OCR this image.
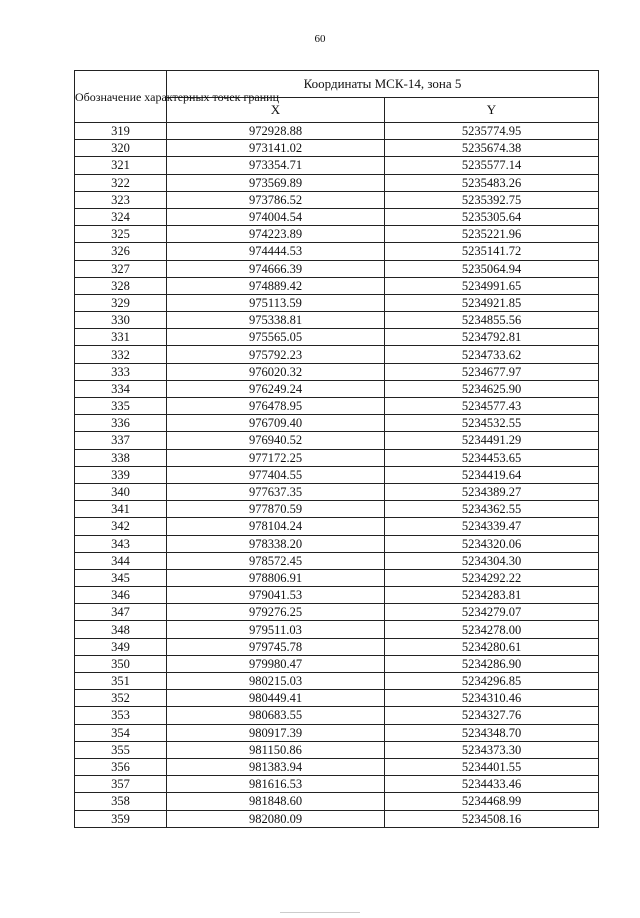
60
Обозначение характерных точек границ	Координаты МСК-14, зона 5	
	X	Y
319	972928.88	5235774.95
320	973141.02	5235674.38
321	973354.71	5235577.14
322	973569.89	5235483.26
323	973786.52	5235392.75
324	974004.54	5235305.64
325	974223.89	5235221.96
326	974444.53	5235141.72
327	974666.39	5235064.94
328	974889.42	5234991.65
329	975113.59	5234921.85
330	975338.81	5234855.56
331	975565.05	5234792.81
332	975792.23	5234733.62
333	976020.32	5234677.97
334	976249.24	5234625.90
335	976478.95	5234577.43
336	976709.40	5234532.55
337	976940.52	5234491.29
338	977172.25	5234453.65
339	977404.55	5234419.64
340	977637.35	5234389.27
341	977870.59	5234362.55
342	978104.24	5234339.47
343	978338.20	5234320.06
344	978572.45	5234304.30
345	978806.91	5234292.22
346	979041.53	5234283.81
347	979276.25	5234279.07
348	979511.03	5234278.00
349	979745.78	5234280.61
350	979980.47	5234286.90
351	980215.03	5234296.85
352	980449.41	5234310.46
353	980683.55	5234327.76
354	980917.39	5234348.70
355	981150.86	5234373.30
356	981383.94	5234401.55
357	981616.53	5234433.46
358	981848.60	5234468.99
359	982080.09	5234508.16
